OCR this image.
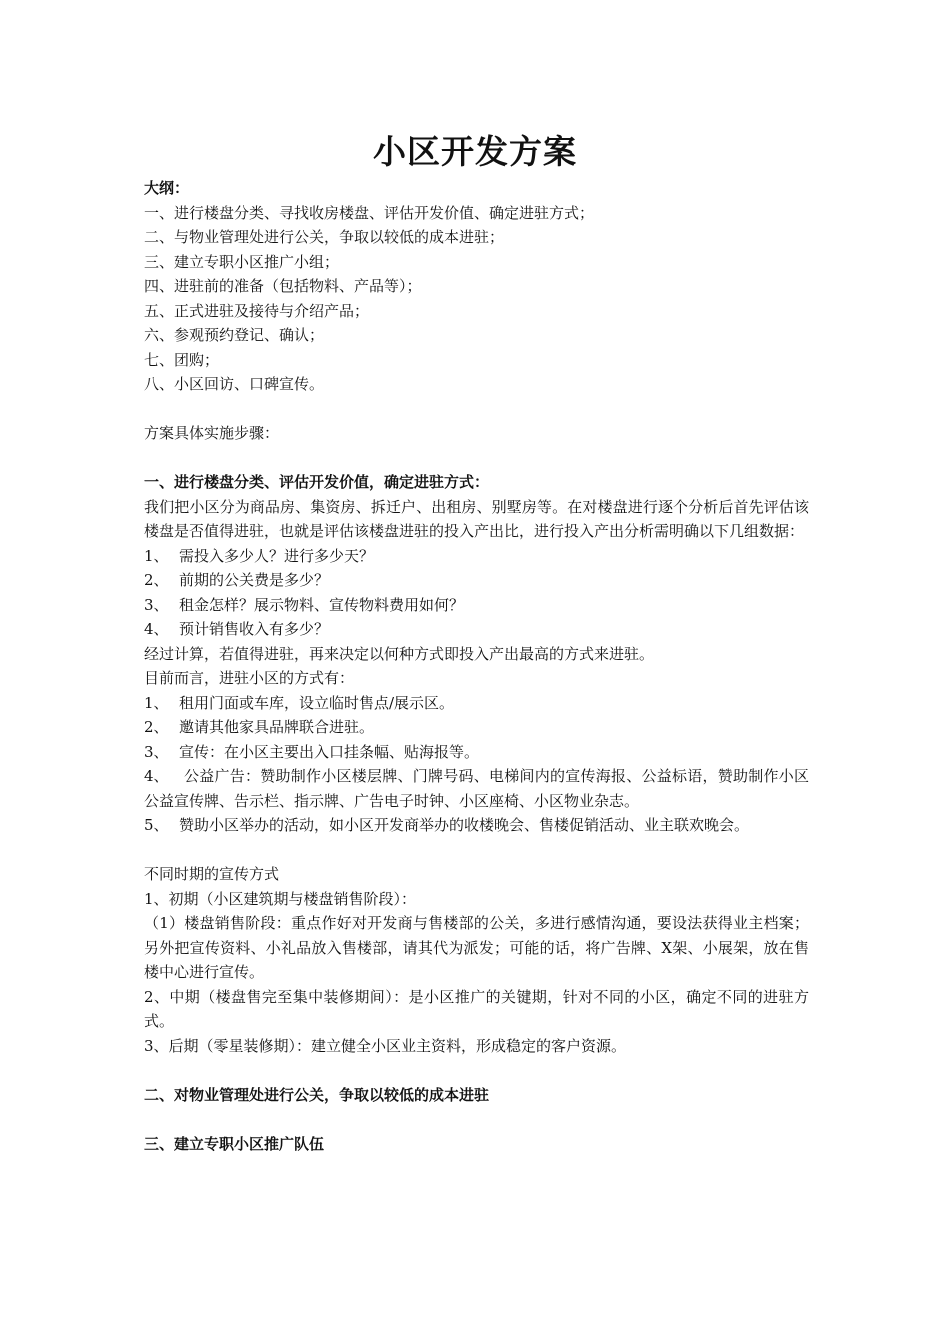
小区开发方案
大纲：
一、进行楼盘分类、寻找收房楼盘、评估开发价值、确定进驻方式；
二、与物业管理处进行公关，争取以较低的成本进驻；
三、建立专职小区推广小组；
四、进驻前的准备（包括物料、产品等）；
五、正式进驻及接待与介绍产品；
六、参观预约登记、确认；
七、团购；
八、小区回访、口碑宣传。
方案具体实施步骤：
一、进行楼盘分类、评估开发价值，确定进驻方式：
我们把小区分为商品房、集资房、拆迁户、出租房、别墅房等。在对楼盘进行逐个分析后首先评估该楼盘是否值得进驻，也就是评估该楼盘进驻的投入产出比，进行投入产出分析需明确以下几组数据：
1、 需投入多少人？进行多少天？
2、 前期的公关费是多少？
3、 租金怎样？展示物料、宣传物料费用如何？
4、 预计销售收入有多少？
经过计算，若值得进驻，再来决定以何种方式即投入产出最高的方式来进驻。
目前而言，进驻小区的方式有：
1、 租用门面或车库，设立临时售点/展示区。
2、 邀请其他家具品牌联合进驻。
3、 宣传：在小区主要出入口挂条幅、贴海报等。
4、 公益广告：赞助制作小区楼层牌、门牌号码、电梯间内的宣传海报、公益标语，赞助制作小区公益宣传牌、告示栏、指示牌、广告电子时钟、小区座椅、小区物业杂志。
5、 赞助小区举办的活动，如小区开发商举办的收楼晚会、售楼促销活动、业主联欢晚会。
不同时期的宣传方式
1、初期（小区建筑期与楼盘销售阶段）：
（1）楼盘销售阶段：重点作好对开发商与售楼部的公关，多进行感情沟通，要设法获得业主档案；另外把宣传资料、小礼品放入售楼部，请其代为派发；可能的话，将广告牌、X架、小展架，放在售楼中心进行宣传。
2、中期（楼盘售完至集中装修期间）：是小区推广的关键期，针对不同的小区，确定不同的进驻方式。
3、后期（零星装修期）：建立健全小区业主资料，形成稳定的客户资源。
二、对物业管理处进行公关，争取以较低的成本进驻
三、建立专职小区推广队伍
